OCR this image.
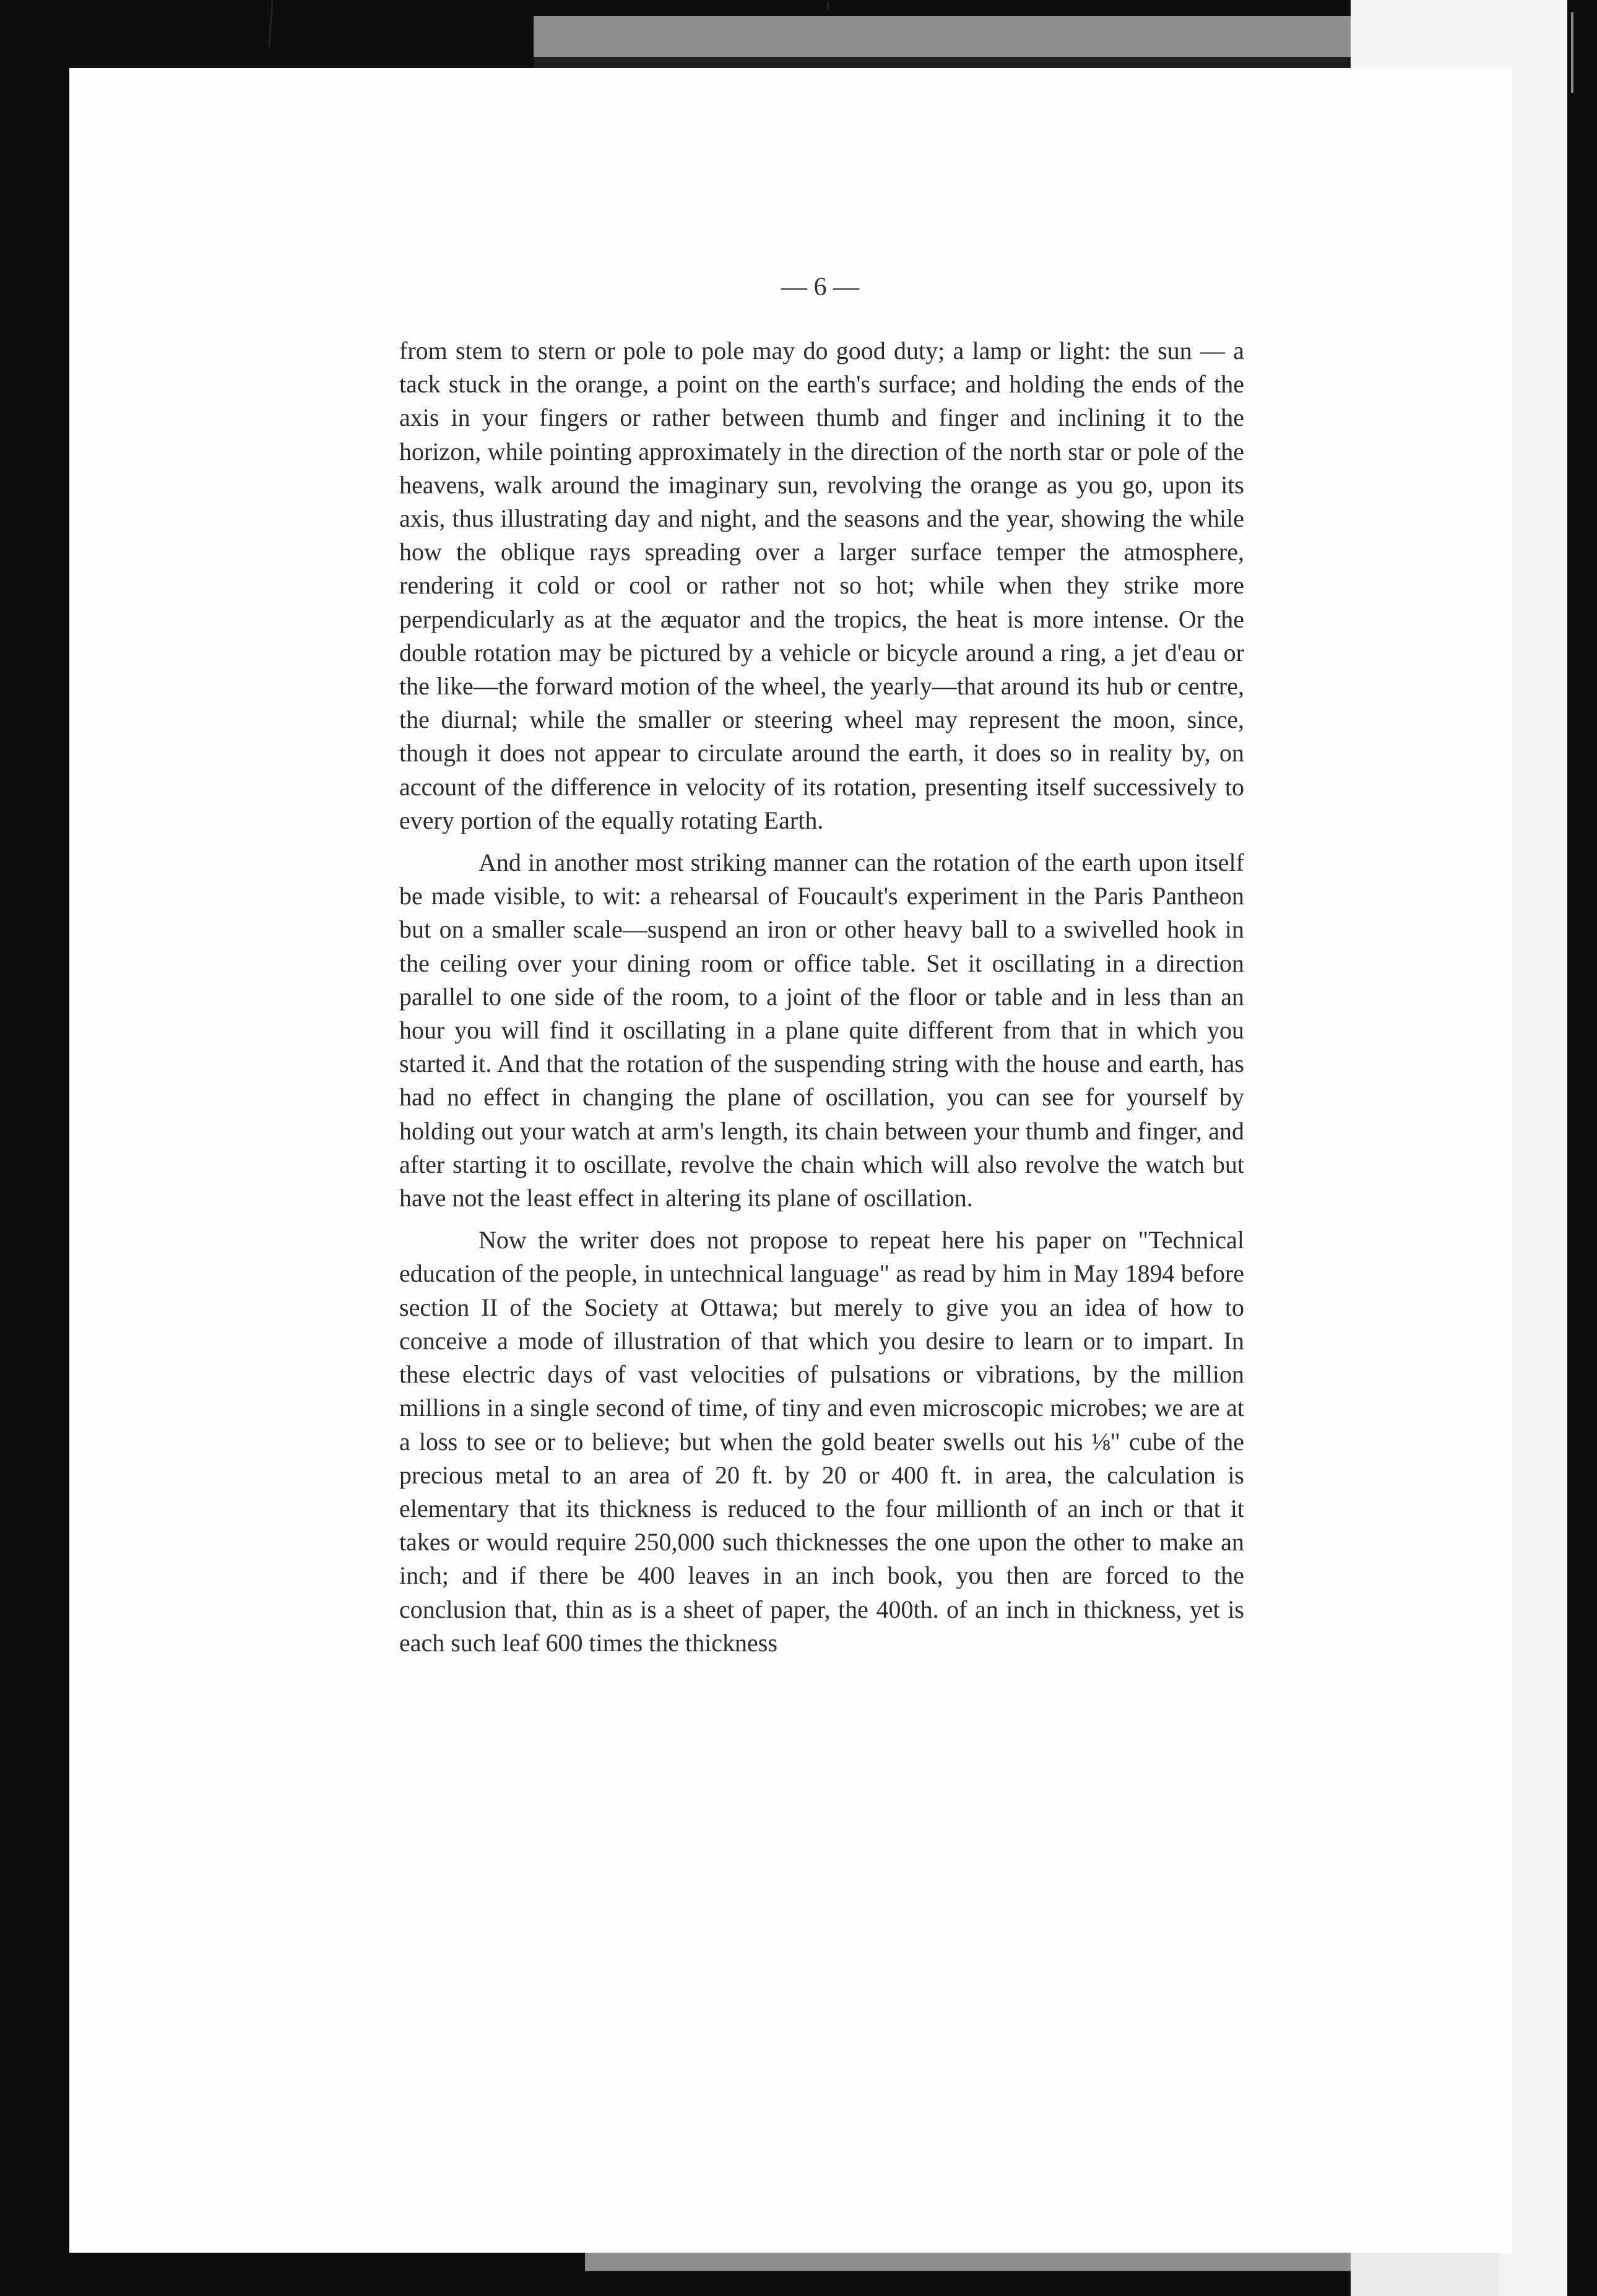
— 6 —

from stem to stern or pole to pole may do good duty; a lamp or light: the sun — a tack stuck in the orange, a point on the earth's surface; and holding the ends of the axis in your fingers or rather between thumb and finger and inclining it to the horizon, while pointing approximately in the direction of the north star or pole of the heavens, walk around the imaginary sun, revolving the orange as you go, upon its axis, thus illustrating day and night, and the seasons and the year, showing the while how the oblique rays spreading over a larger surface temper the atmosphere, rendering it cold or cool or rather not so hot; while when they strike more perpendicularly as at the æquator and the tropics, the heat is more intense. Or the double rotation may be pictured by a vehicle or bicycle around a ring, a jet d'eau or the like—the forward motion of the wheel, the yearly—that around its hub or centre, the diurnal; while the smaller or steering wheel may represent the moon, since, though it does not appear to circulate around the earth, it does so in reality by, on account of the difference in velocity of its rotation, presenting itself successively to every portion of the equally rotating Earth.

And in another most striking manner can the rotation of the earth upon itself be made visible, to wit: a rehearsal of Foucault's experiment in the Paris Pantheon but on a smaller scale—suspend an iron or other heavy ball to a swivelled hook in the ceiling over your dining room or office table. Set it oscillating in a direction parallel to one side of the room, to a joint of the floor or table and in less than an hour you will find it oscillating in a plane quite different from that in which you started it. And that the rotation of the suspending string with the house and earth, has had no effect in changing the plane of oscillation, you can see for yourself by holding out your watch at arm's length, its chain between your thumb and finger, and after starting it to oscillate, revolve the chain which will also revolve the watch but have not the least effect in altering its plane of oscillation.

Now the writer does not propose to repeat here his paper on "Technical education of the people, in untechnical language" as read by him in May 1894 before section II of the Society at Ottawa; but merely to give you an idea of how to conceive a mode of illustration of that which you desire to learn or to impart. In these electric days of vast velocities of pulsations or vibrations, by the million millions in a single second of time, of tiny and even microscopic microbes; we are at a loss to see or to believe; but when the gold beater swells out his ⅛" cube of the precious metal to an area of 20 ft. by 20 or 400 ft. in area, the calculation is elementary that its thickness is reduced to the four millionth of an inch or that it takes or would require 250,000 such thicknesses the one upon the other to make an inch; and if there be 400 leaves in an inch book, you then are forced to the conclusion that, thin as is a sheet of paper, the 400th. of an inch in thickness, yet is each such leaf 600 times the thickness
